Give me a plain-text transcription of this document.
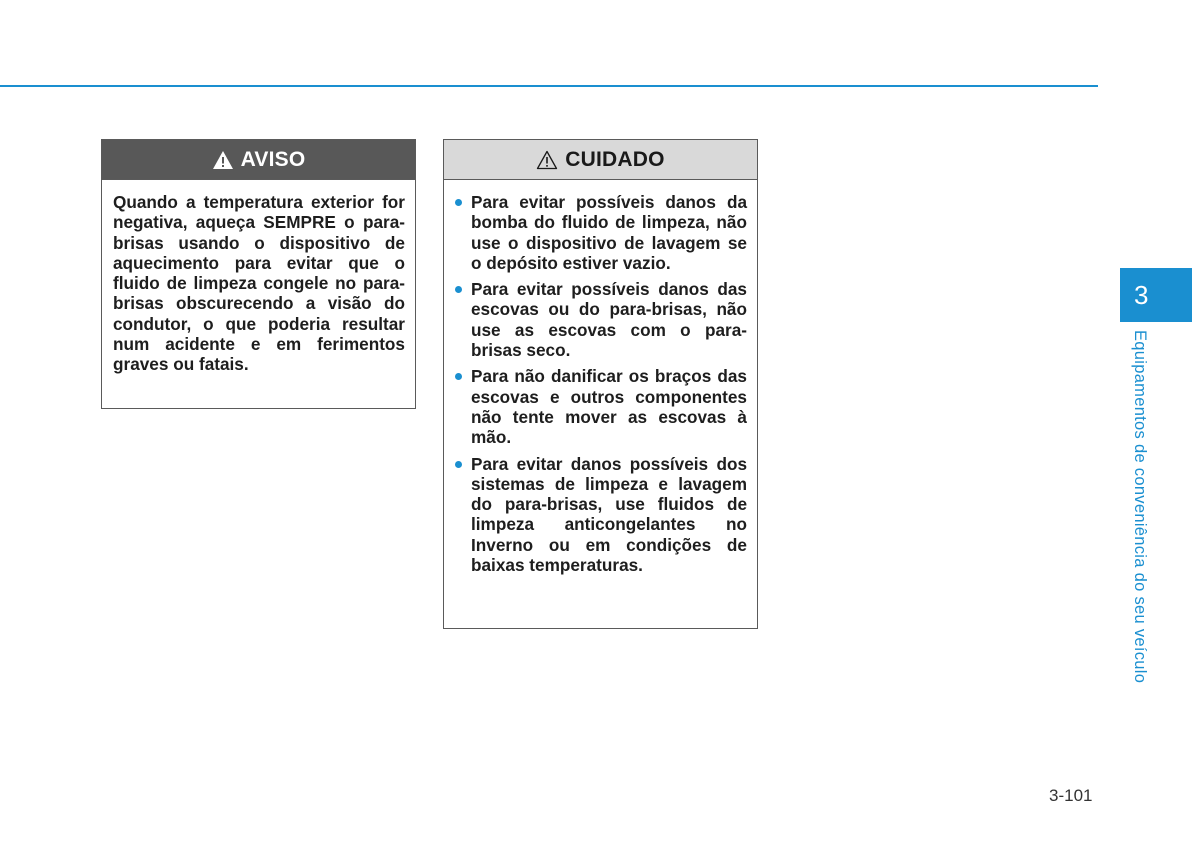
AVISO

Quando a temperatura exterior for negativa, aqueça SEMPRE o para-brisas usando o dispositivo de aquecimento para evitar que o fluido de limpeza congele no para-brisas obscurecendo a visão do condutor, o que poderia resultar num acidente e em ferimentos graves ou fatais.

CUIDADO
Para evitar possíveis danos da bomba do fluido de limpeza, não use o dispositivo de lavagem se o depósito estiver vazio.
Para evitar possíveis danos das escovas ou do para-brisas, não use as escovas com o para-brisas seco.
Para não danificar os braços das escovas e outros componentes não tente mover as escovas à mão.
Para evitar danos possíveis dos sistemas de limpeza e lavagem do para-brisas, use fluidos de limpeza anticongelantes no Inverno ou em condições de baixas temperaturas.
3
Equipamentos de conveniência do seu veículo
3-101
